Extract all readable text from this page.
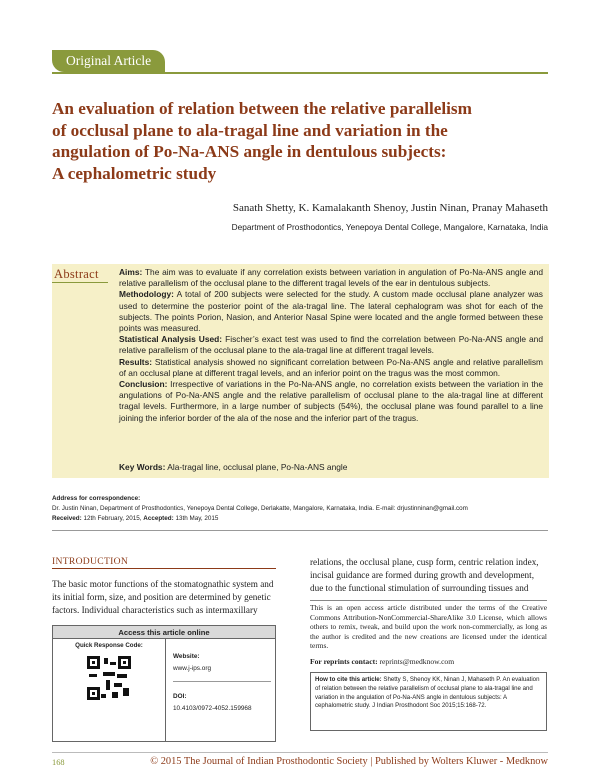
Original Article
An evaluation of relation between the relative parallelism
of occlusal plane to ala-tragal line and variation in the
angulation of Po-Na-ANS angle in dentulous subjects:
A cephalometric study
Sanath Shetty, K. Kamalakanth Shenoy, Justin Ninan, Pranay Mahaseth
Department of Prosthodontics, Yenepoya Dental College, Mangalore, Karnataka, India
Abstract Aims: The aim was to evaluate if any correlation exists between variation in angulation of Po-Na-ANS angle and relative parallelism of the occlusal plane to the different tragal levels of the ear in dentulous subjects.

Methodology: A total of 200 subjects were selected for the study. A custom made occlusal plane analyzer was used to determine the posterior point of the ala-tragal line. The lateral cephalogram was shot for each of the subjects. The points Porion, Nasion, and Anterior Nasal Spine were located and the angle formed between these points was measured.

Statistical Analysis Used: Fischer’s exact test was used to find the correlation between Po-Na-ANS angle and relative parallelism of the occlusal plane to the ala-tragal line at different tragal levels.

Results: Statistical analysis showed no significant correlation between Po-Na-ANS angle and relative parallelism of an occlusal plane at different tragal levels, and an inferior point on the tragus was the most common.

Conclusion: Irrespective of variations in the Po-Na-ANS angle, no correlation exists between the variation in the angulations of Po-Na-ANS angle and the relative parallelism of occlusal plane to the ala-tragal line at different tragal levels. Furthermore, in a large number of subjects (54%), the occlusal plane was found parallel to a line joining the inferior border of the ala of the nose and the inferior part of the tragus.

Key Words: Ala-tragal line, occlusal plane, Po-Na-ANS angle
Address for correspondence:
Dr. Justin Ninan, Department of Prosthodontics, Yenepoya Dental College, Derlakatte, Mangalore, Karnataka, India. E-mail: drjustinninan@gmail.com
Received: 12th February, 2015, Accepted: 13th May, 2015
INTRODUCTION
The basic motor functions of the stomatognathic system and
its initial form, size, and position are determined by genetic
factors. Individual characteristics such as intermaxillary
relations, the occlusal plane, cusp form, centric relation index,
incisal guidance are formed during growth and development,
due to the functional stimulation of surrounding tissues and
Access this article online
Quick Response Code:
Website:
www.j-ips.org
DOI:
10.4103/0972-4052.159968
This is an open access article distributed under the terms of the Creative Commons Attribution-NonCommercial-ShareAlike 3.0 License, which allows others to remix, tweak, and build upon the work non-commercially, as long as the author is credited and the new creations are licensed under the identical terms.
For reprints contact: reprints@medknow.com
How to cite this article: Shetty S, Shenoy KK, Ninan J, Mahaseth P. An evaluation of relation between the relative parallelism of occlusal plane to ala-tragal line and variation in the angulation of Po-Na-ANS angle in dentulous subjects: A cephalometric study. J Indian Prosthodont Soc 2015;15:168-72.
168	© 2015 The Journal of Indian Prosthodontic Society | Published by Wolters Kluwer - Medknow
